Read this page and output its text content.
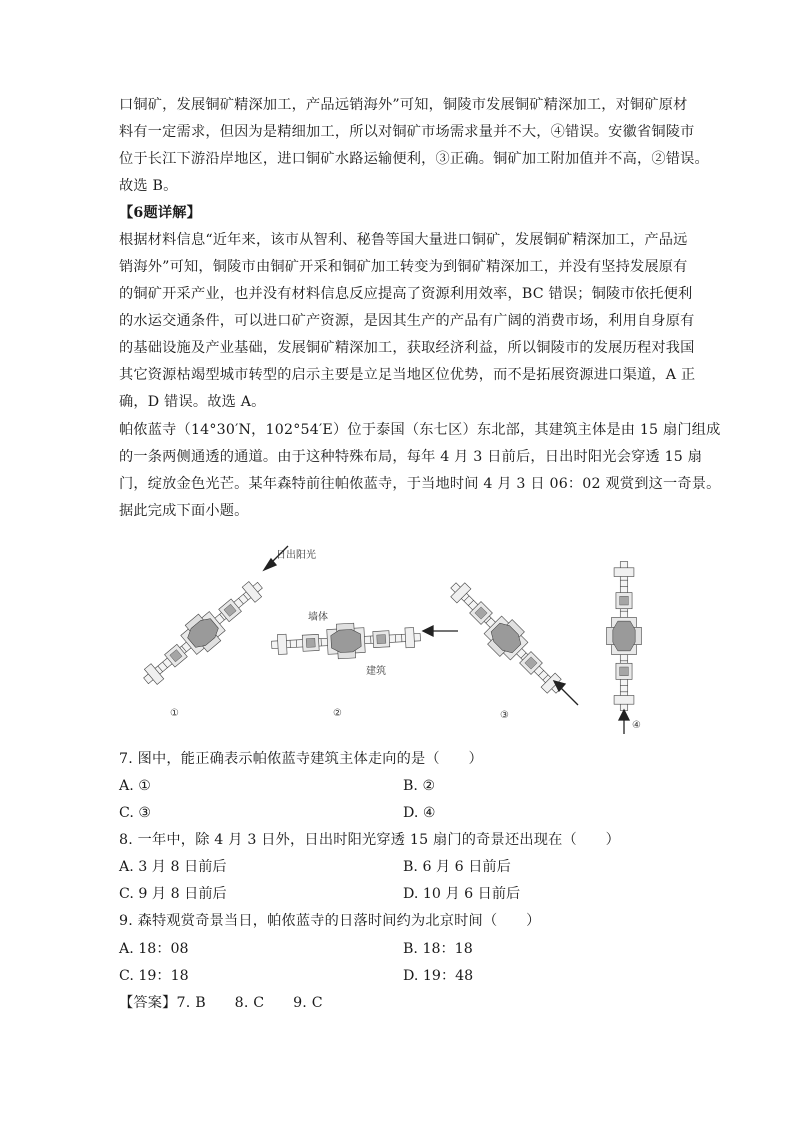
口铜矿，发展铜矿精深加工，产品远销海外”可知，铜陵市发展铜矿精深加工，对铜矿原材
料有一定需求，但因为是精细加工，所以对铜矿市场需求量并不大，④错误。安徽省铜陵市
位于长江下游沿岸地区，进口铜矿水路运输便利，③正确。铜矿加工附加值并不高，②错误。
故选 B。
【6题详解】
根据材料信息“近年来，该市从智利、秘鲁等国大量进口铜矿，发展铜矿精深加工，产品远
销海外”可知，铜陵市由铜矿开采和铜矿加工转变为到铜矿精深加工，并没有坚持发展原有
的铜矿开采产业，也并没有材料信息反应提高了资源利用效率，BC 错误；铜陵市依托便利
的水运交通条件，可以进口矿产资源，是因其生产的产品有广阔的消费市场，利用自身原有
的基础设施及产业基础，发展铜矿精深加工，获取经济利益，所以铜陵市的发展历程对我国
其它资源枯竭型城市转型的启示主要是立足当地区位优势，而不是拓展资源进口渠道，A 正
确，D 错误。故选 A。
帕侬蓝寺（14°30′N，102°54′E）位于泰国（东七区）东北部，其建筑主体是由 15 扇门组成
的一条两侧通透的通道。由于这种特殊布局，每年 4 月 3 日前后，日出时阳光会穿透 15 扇
门，绽放金色光芒。某年森特前往帕侬蓝寺，于当地时间 4 月 3 日 06：02 观赏到这一奇景。
据此完成下面小题。
日出阳光
墙体
建筑
①	②	③
④
7. 图中，能正确表示帕侬蓝寺建筑主体走向的是（　　）
A. ①	B. ②
C. ③	D. ④
8. 一年中，除 4 月 3 日外，日出时阳光穿透 15 扇门的奇景还出现在（　　）
A. 3 月 8 日前后	B. 6 月 6 日前后
C. 9 月 8 日前后	D. 10 月 6 日前后
9. 森特观赏奇景当日，帕侬蓝寺的日落时间约为北京时间（　　）
A. 18：08	B. 18：18
C. 19：18	D. 19：48
【答案】7. B　　8. C　　9. C
